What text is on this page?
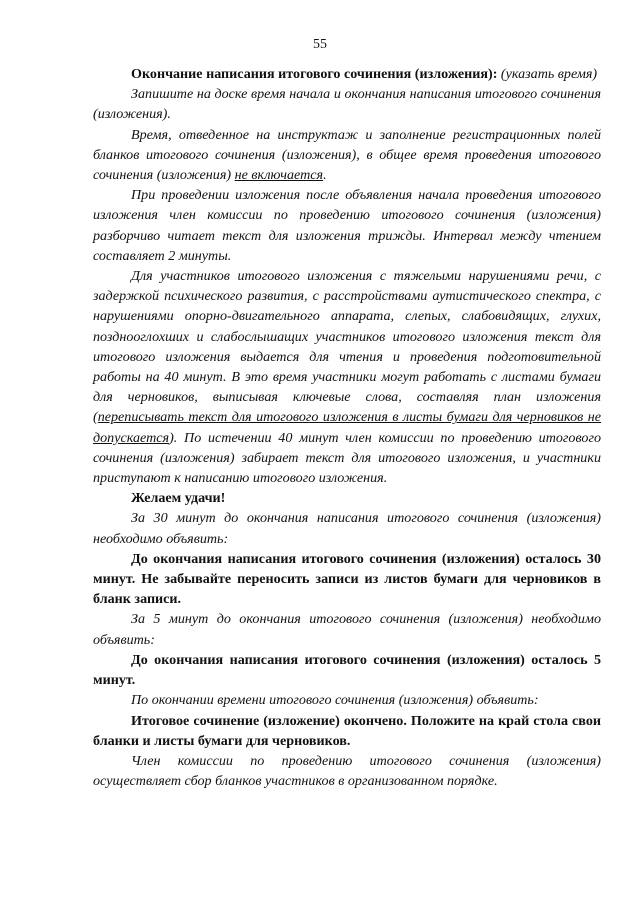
55

Окончание написания итогового сочинения (изложения): (указать время)

Запишите на доске время начала и окончания написания итогового сочинения (изложения).

Время, отведенное на инструктаж и заполнение регистрационных полей бланков итогового сочинения (изложения), в общее время проведения итогового сочинения (изложения) не включается.

При проведении изложения после объявления начала проведения итогового изложения член комиссии по проведению итогового сочинения (изложения) разборчиво читает текст для изложения трижды. Интервал между чтением составляет 2 минуты.

Для участников итогового изложения с тяжелыми нарушениями речи, с задержкой психического развития, с расстройствами аутистического спектра, с нарушениями опорно-двигательного аппарата, слепых, слабовидящих, глухих, позднооглохших и слабослышащих участников итогового изложения текст для итогового изложения выдается для чтения и проведения подготовительной работы на 40 минут. В это время участники могут работать с листами бумаги для черновиков, выписывая ключевые слова, составляя план изложения (переписывать текст для итогового изложения в листы бумаги для черновиков не допускается). По истечении 40 минут член комиссии по проведению итогового сочинения (изложения) забирает текст для итогового изложения, и участники приступают к написанию итогового изложения.

Желаем удачи!

За 30 минут до окончания написания итогового сочинения (изложения) необходимо объявить:

До окончания написания итогового сочинения (изложения) осталось 30 минут. Не забывайте переносить записи из листов бумаги для черновиков в бланк записи.

За 5 минут до окончания итогового сочинения (изложения) необходимо объявить:

До окончания написания итогового сочинения (изложения) осталось 5 минут.

По окончании времени итогового сочинения (изложения) объявить:

Итоговое сочинение (изложение) окончено. Положите на край стола свои бланки и листы бумаги для черновиков.

Член комиссии по проведению итогового сочинения (изложения) осуществляет сбор бланков участников в организованном порядке.
